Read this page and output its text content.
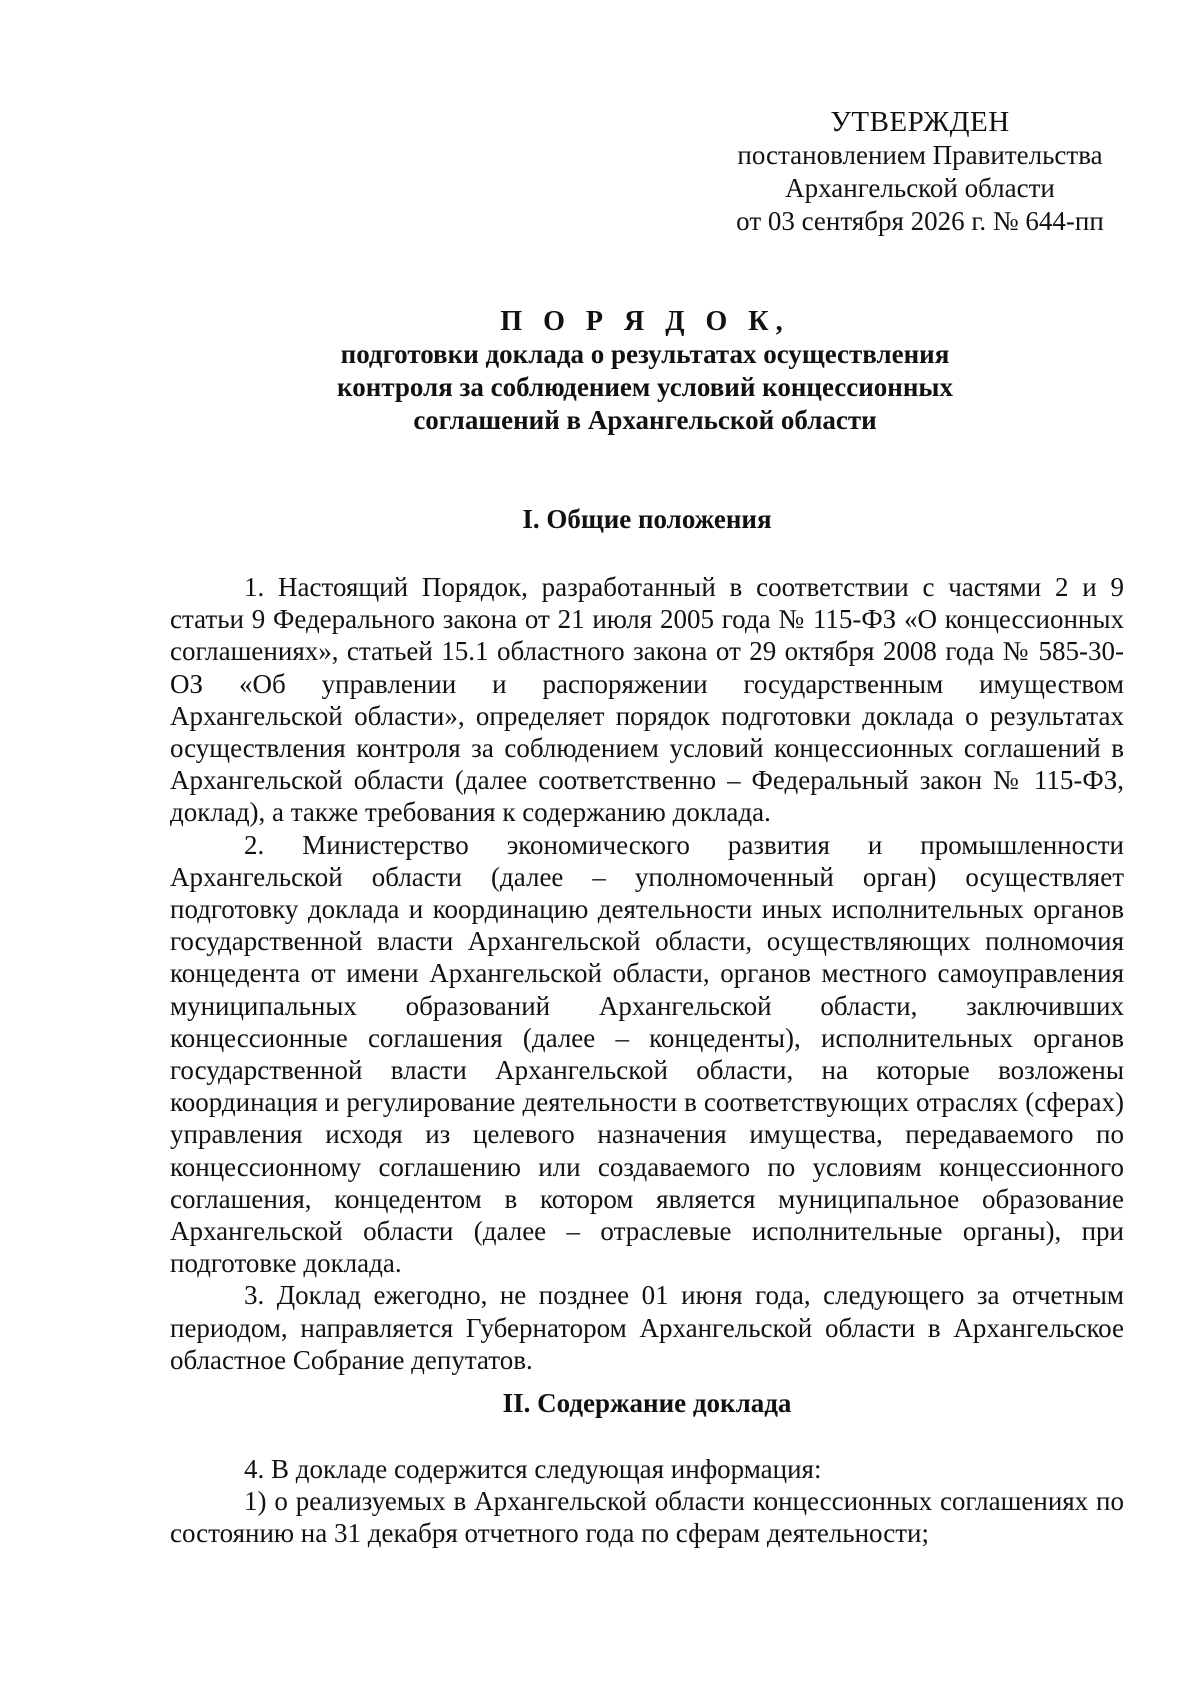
УТВЕРЖДЕН
постановлением Правительства
Архангельской области
от 03 сентября 2026 г. № 644-пп
П О Р Я Д О К,
подготовки доклада о результатах осуществления
контроля за соблюдением условий концессионных
соглашений в Архангельской области

I. Общие положения

1. Настоящий Порядок, разработанный в соответствии с частями 2 и 9 статьи 9 Федерального закона от 21 июля 2005 года № 115-ФЗ «О концессионных соглашениях», статьей 15.1 областного закона от 29 октября 2008 года № 585-30-ОЗ «Об управлении и распоряжении государственным имуществом Архангельской области», определяет порядок подготовки доклада о результатах осуществления контроля за соблюдением условий концессионных соглашений в Архангельской области (далее соответственно – Федеральный закон № 115-ФЗ, доклад), а также требования к содержанию доклада.

2. Министерство экономического развития и промышленности Архангельской области (далее – уполномоченный орган) осуществляет подготовку доклада и координацию деятельности иных исполнительных органов государственной власти Архангельской области, осуществляющих полномочия концедента от имени Архангельской области, органов местного самоуправления муниципальных образований Архангельской области, заключивших концессионные соглашения (далее – концеденты), исполнительных органов государственной власти Архангельской области, на которые возложены координация и регулирование деятельности в соответствующих отраслях (сферах) управления исходя из целевого назначения имущества, передаваемого по концессионному соглашению или создаваемого по условиям концессионного соглашения, концедентом в котором является муниципальное образование Архангельской области (далее – отраслевые исполнительные органы), при подготовке доклада.

3. Доклад ежегодно, не позднее 01 июня года, следующего за отчетным периодом, направляется Губернатором Архангельской области в Архангельское областное Собрание депутатов.

II. Содержание доклада

4. В докладе содержится следующая информация:

1) о реализуемых в Архангельской области концессионных соглашениях по состоянию на 31 декабря отчетного года по сферам деятельности;
